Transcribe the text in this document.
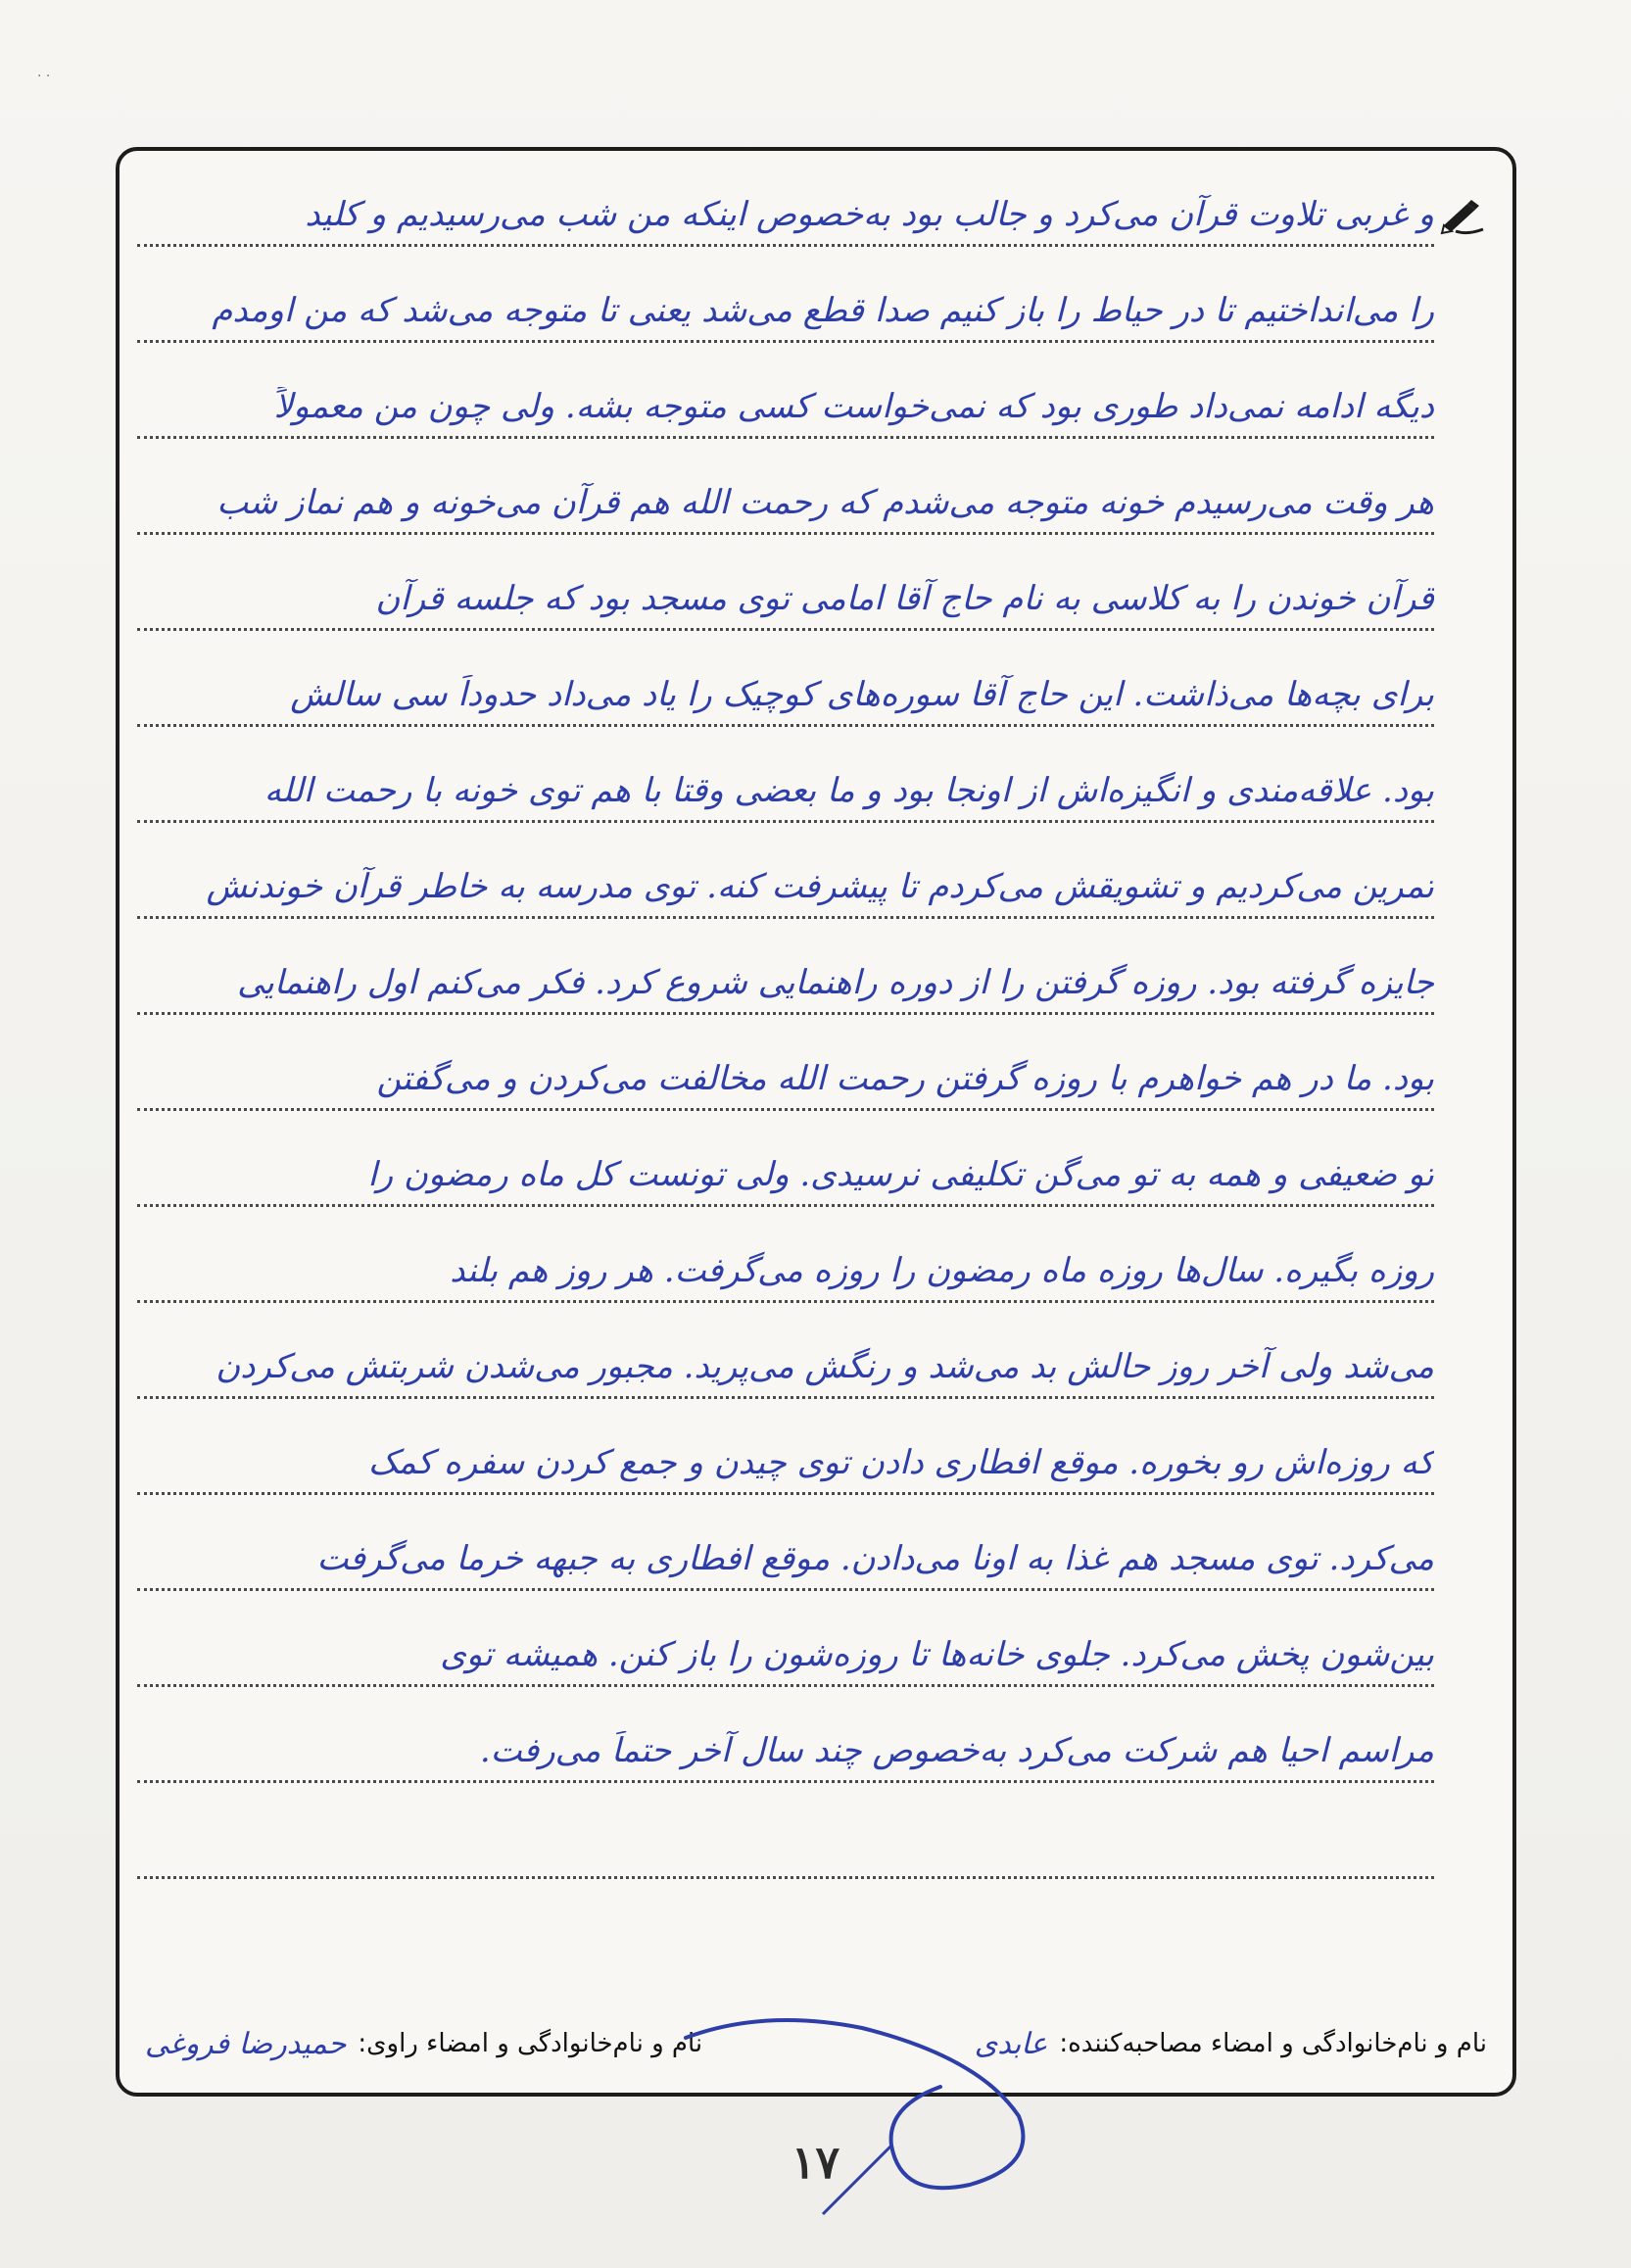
· ·
و غربی تلاوت قرآن می‌کرد و جالب بود به‌خصوص اینکه من شب می‌رسیدیم و کلید
را می‌انداختیم تا در حیاط را باز کنیم صدا قطع می‌شد یعنی تا متوجه می‌شد که من اومدم
دیگه ادامه نمی‌داد طوری بود که نمی‌خواست کسی متوجه بشه. ولی چون من معمولاً
هر وقت می‌رسیدم خونه متوجه می‌شدم که رحمت الله هم قرآن می‌خونه و هم نماز شب
قرآن خوندن را به کلاسی به نام حاج آقا امامی توی مسجد بود که جلسه قرآن
برای بچه‌ها می‌ذاشت. این حاج آقا سوره‌های کوچیک را یاد می‌داد حدوداً سی سالش
بود. علاقه‌مندی و انگیزه‌اش از اونجا بود و ما بعضی وقتا با هم توی خونه با رحمت الله
تمرین می‌کردیم و تشویقش می‌کردم تا پیشرفت کنه. توی مدرسه به خاطر قرآن خوندنش
جایزه گرفته بود. روزه گرفتن را از دوره راهنمایی شروع کرد. فکر می‌کنم اول راهنمایی
بود. ما در هم خواهرم با روزه گرفتن رحمت الله مخالفت می‌کردن و می‌گفتن
تو ضعیفی و همه به تو می‌گن تکلیفی نرسیدی. ولی تونست کل ماه رمضون را
روزه بگیره. سال‌ها روزه ماه رمضون را روزه می‌گرفت. هر روز هم بلند
می‌شد ولی آخر روز حالش بد می‌شد و رنگش می‌پرید. مجبور می‌شدن شربتش می‌کردن
که روزه‌اش رو بخوره. موقع افطاری دادن توی چیدن و جمع کردن سفره کمک
می‌کرد. توی مسجد هم غذا به اونا می‌دادن. موقع افطاری به جبهه خرما می‌گرفت
بین‌شون پخش می‌کرد. جلوی خانه‌ها تا روزه‌شون را باز کنن. همیشه توی
مراسم احیا هم شرکت می‌کرد به‌خصوص چند سال آخر حتماً می‌رفت.
نام و نام‌خانوادگی و امضاء مصاحبه‌کننده:
عابدی
نام و نام‌خانوادگی و امضاء راوی:
حمیدرضا فروغی
۱۷
